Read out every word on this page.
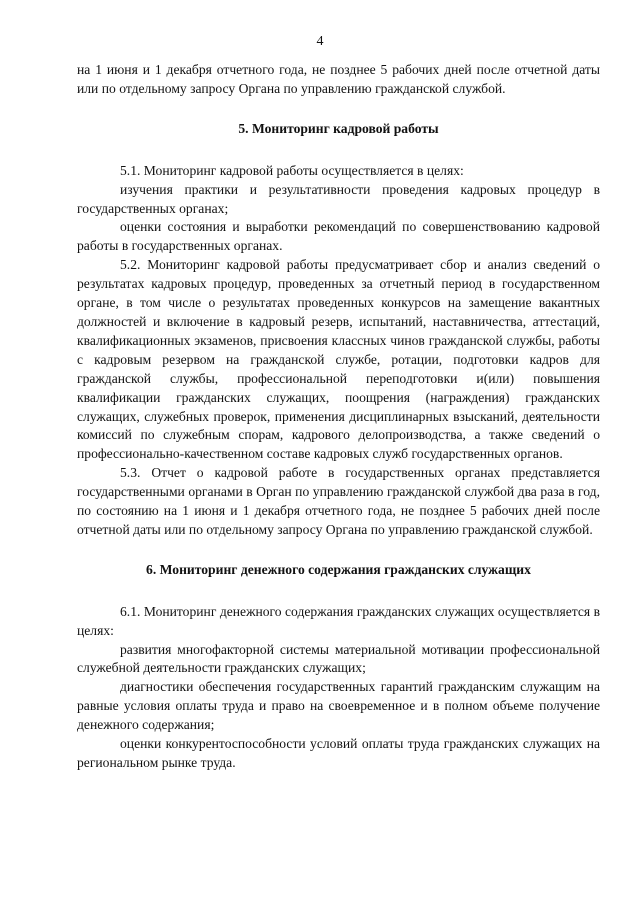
4

на 1 июня и 1 декабря отчетного года, не позднее 5 рабочих дней после отчетной даты или по отдельному запросу Органа по управлению гражданской службой.

5. Мониторинг кадровой работы

5.1. Мониторинг кадровой работы осуществляется в целях:

изучения практики и результативности проведения кадровых процедур в государственных органах;

оценки состояния и выработки рекомендаций по совершенствованию кадровой работы в государственных органах.

5.2. Мониторинг кадровой работы предусматривает сбор и анализ сведений о результатах кадровых процедур, проведенных за отчетный период в государственном органе, в том числе о результатах проведенных конкурсов на замещение вакантных должностей и включение в кадровый резерв, испытаний, наставничества, аттестаций, квалификационных экзаменов, присвоения классных чинов гражданской службы, работы с кадровым резервом на гражданской службе, ротации, подготовки кадров для гражданской службы, профессиональной переподготовки и(или) повышения квалификации гражданских служащих, поощрения (награждения) гражданских служащих, служебных проверок, применения дисциплинарных взысканий, деятельности комиссий по служебным спорам, кадрового делопроизводства, а также сведений о профессионально-качественном составе кадровых служб государственных органов.

5.3. Отчет о кадровой работе в государственных органах представляется государственными органами в Орган по управлению гражданской службой два раза в год, по состоянию на 1 июня и 1 декабря отчетного года, не позднее 5 рабочих дней после отчетной даты или по отдельному запросу Органа по управлению гражданской службой.

6. Мониторинг денежного содержания гражданских служащих

6.1. Мониторинг денежного содержания гражданских служащих осуществляется в целях:

развития многофакторной системы материальной мотивации профессиональной служебной деятельности гражданских служащих;

диагностики обеспечения государственных гарантий гражданским служащим на равные условия оплаты труда и право на своевременное и в полном объеме получение денежного содержания;

оценки конкурентоспособности условий оплаты труда гражданских служащих на региональном рынке труда.
